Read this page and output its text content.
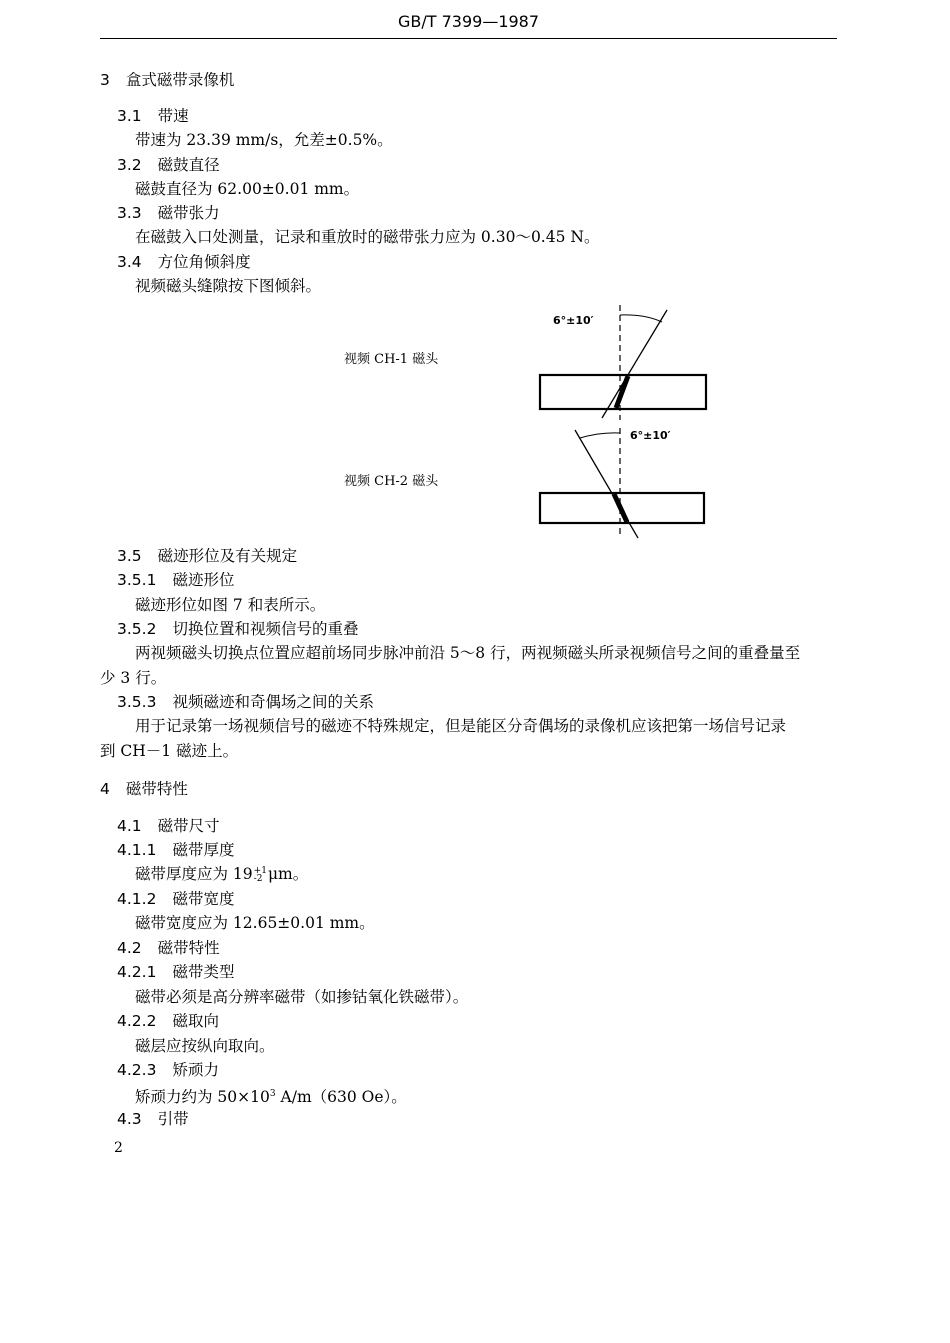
GB/T 7399—1987
3 盒式磁带录像机
3.1 带速
带速为 23.39 mm/s，允差±0.5%。
3.2 磁鼓直径
磁鼓直径为 62.00±0.01 mm。
3.3 磁带张力
在磁鼓入口处测量，记录和重放时的磁带张力应为 0.30～0.45 N。
3.4 方位角倾斜度
视频磁头缝隙按下图倾斜。
视频 CH-1 磁头
视频 CH-2 磁头
6°±10′
6°±10′
3.5 磁迹形位及有关规定
3.5.1 磁迹形位
磁迹形位如图 7 和表所示。
3.5.2 切换位置和视频信号的重叠
两视频磁头切换点位置应超前场同步脉冲前沿 5～8 行，两视频磁头所录视频信号之间的重叠量至
少 3 行。
3.5.3 视频磁迹和奇偶场之间的关系
用于记录第一场视频信号的磁迹不特殊规定，但是能区分奇偶场的录像机应该把第一场信号记录
到 CH－1 磁迹上。
4 磁带特性
4.1 磁带尺寸
4.1.1 磁带厚度
磁带厚度应为 19+1
-2 μm。
4.1.2 磁带宽度
磁带宽度应为 12.65±0.01 mm。
4.2 磁带特性
4.2.1 磁带类型
磁带必须是高分辨率磁带（如掺钴氧化铁磁带）。
4.2.2 磁取向
磁层应按纵向取向。
4.2.3 矫顽力
矫顽力约为 $50\times 10^3$ A/m（630 Oe）。
4.3 引带
2
